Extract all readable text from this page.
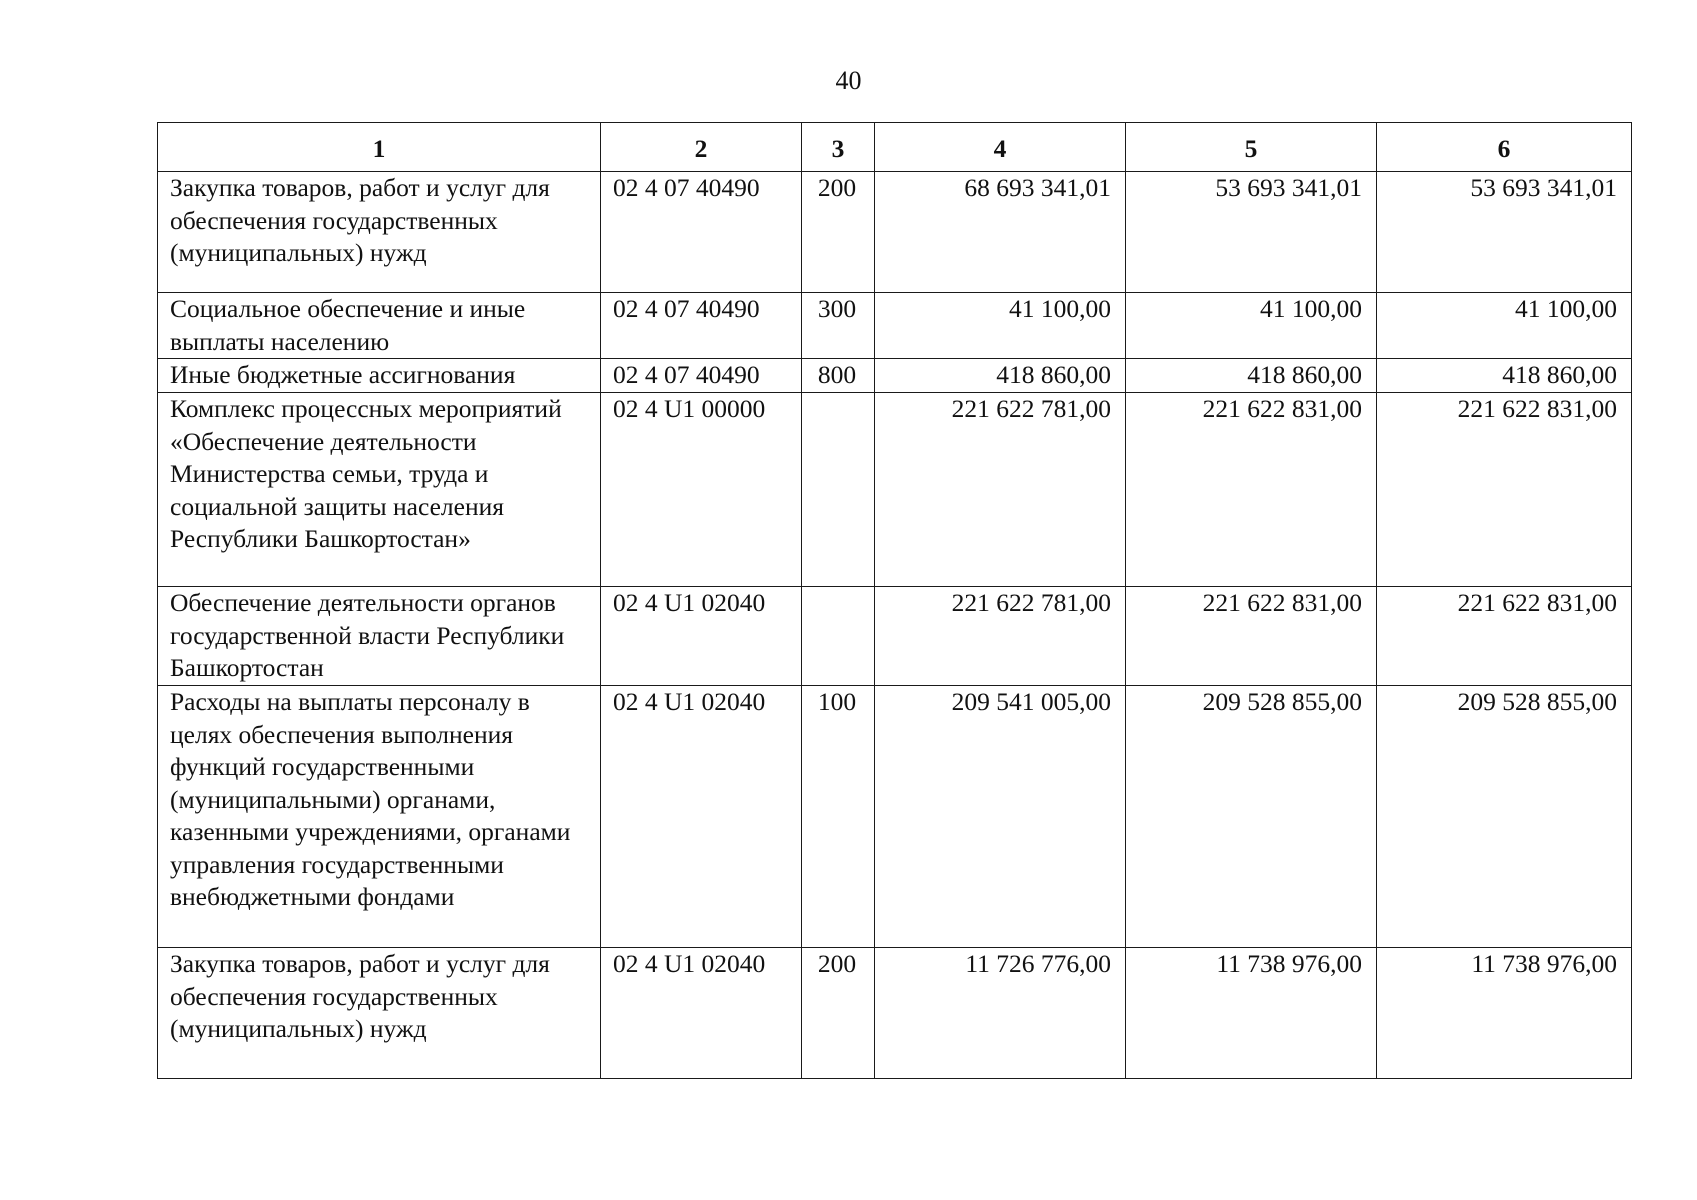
40
1	2	3	4	5	6
Закупка товаров, работ и услуг для обеспечения государственных (муниципальных) нужд	02 4 07 40490	200	68 693 341,01	53 693 341,01	53 693 341,01
Социальное обеспечение и иные выплаты населению	02 4 07 40490	300	41 100,00	41 100,00	41 100,00
Иные бюджетные ассигнования	02 4 07 40490	800	418 860,00	418 860,00	418 860,00
Комплекс процессных мероприятий «Обеспечение деятельности Министерства семьи, труда и социальной защиты населения Республики Башкортостан»	02 4 U1 00000		221 622 781,00	221 622 831,00	221 622 831,00
Обеспечение деятельности органов государственной власти Республики Башкортостан	02 4 U1 02040		221 622 781,00	221 622 831,00	221 622 831,00
Расходы на выплаты персоналу в целях обеспечения выполнения функций государственными (муниципальными) органами, казенными учреждениями, органами управления государственными внебюджетными фондами	02 4 U1 02040	100	209 541 005,00	209 528 855,00	209 528 855,00
Закупка товаров, работ и услуг для обеспечения государственных (муниципальных) нужд	02 4 U1 02040	200	11 726 776,00	11 738 976,00	11 738 976,00
